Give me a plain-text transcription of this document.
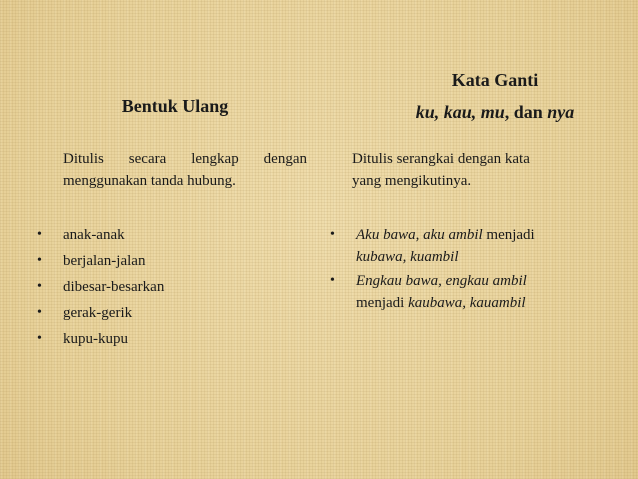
Bentuk Ulang
Ditulis secara lengkap dengan
menggunakan tanda hubung.
• anak-anak
• berjalan-jalan
• dibesar-besarkan
• gerak-gerik
• kupu-kupu
Kata Ganti
ku, kau, mu, dan nya
Ditulis serangkai dengan kata
yang mengikutinya.
• Aku bawa, aku ambil menjadi
kubawa, kuambil
• Engkau bawa, engkau ambil
menjadi kaubawa, kauambil
